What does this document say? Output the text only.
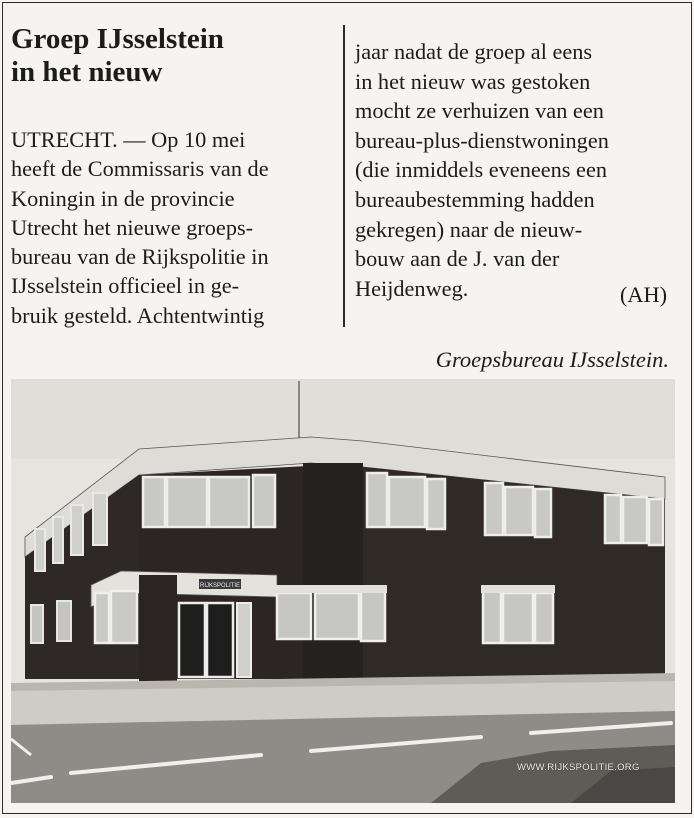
Groep IJsselstein
in het nieuw

UTRECHT. — Op 10 mei
heeft de Commissaris van de
Koningin in de provincie
Utrecht het nieuwe groeps-
bureau van de Rijkspolitie in
IJsselstein officieel in ge-
bruik gesteld. Achtentwintig

jaar nadat de groep al eens
in het nieuw was gestoken
mocht ze verhuizen van een
bureau-plus-dienstwoningen
(die inmiddels eveneens een
bureaubestemming hadden
gekregen) naar de nieuw-
bouw aan de J. van der
Heijdenweg.	(AH)
Groepsbureau IJsselstein.
RIJKSPOLITIE
WWW.RIJKSPOLITIE.ORG
